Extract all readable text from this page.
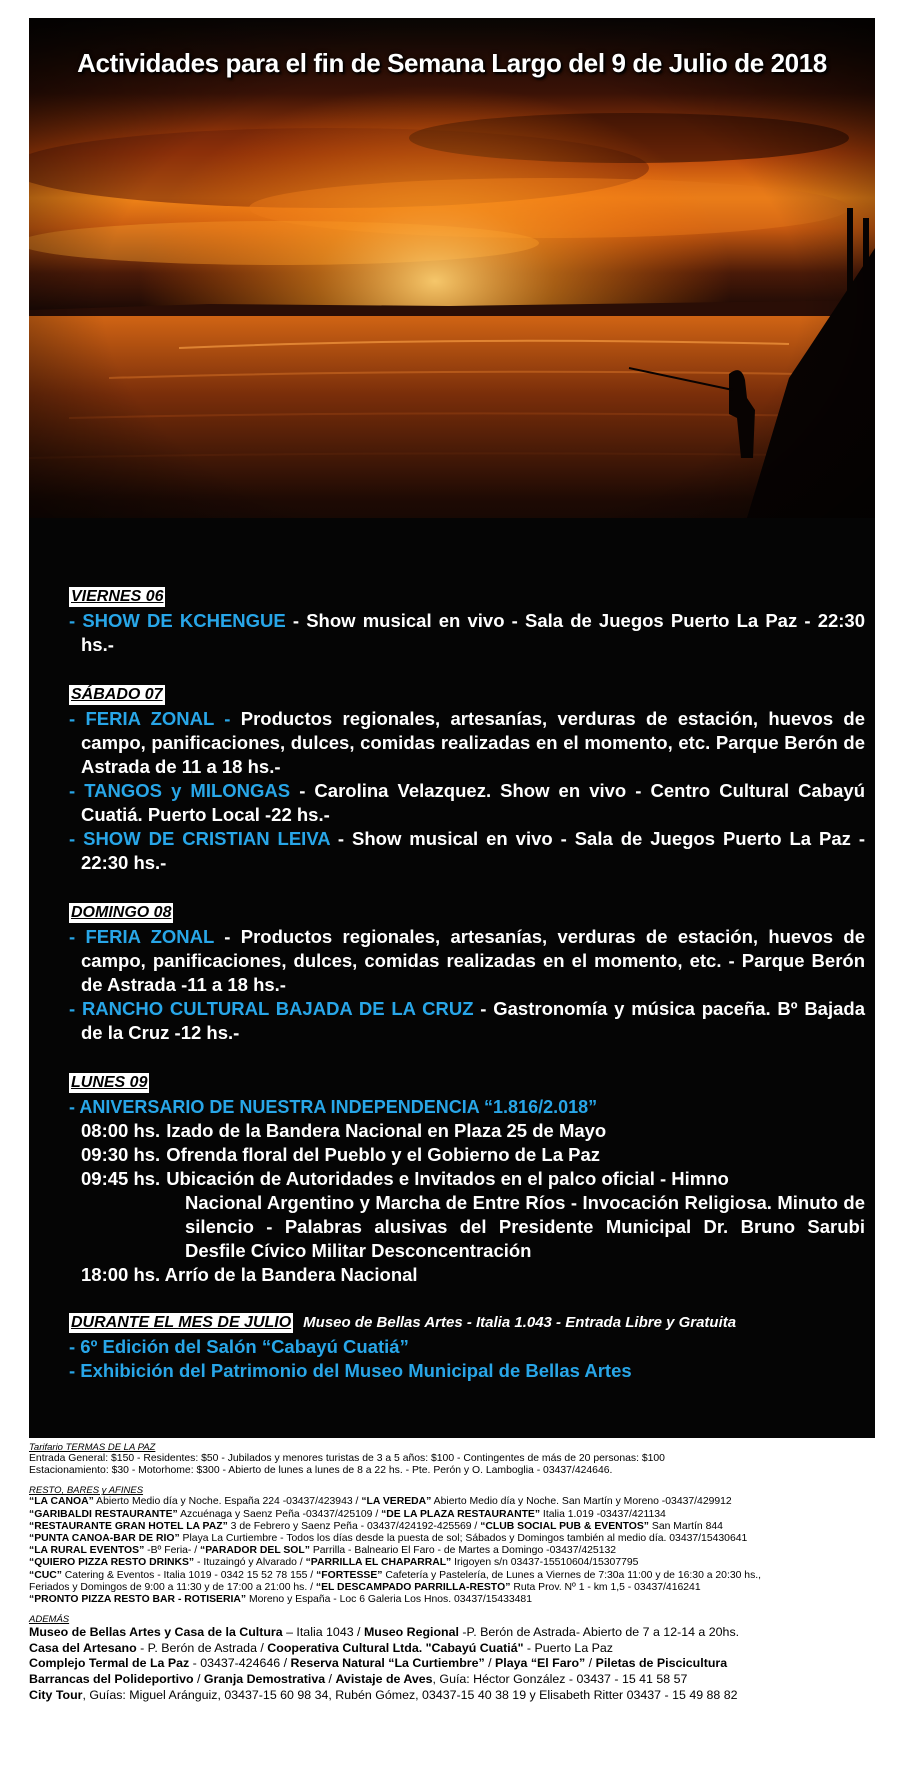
Actividades para el fin de Semana Largo del 9 de Julio de 2018
VIERNES 06
- SHOW DE KCHENGUE - Show musical en vivo - Sala de Juegos Puerto La Paz - 22:30 hs.-
SÁBADO 07
- FERIA ZONAL - Productos regionales, artesanías, verduras de estación, huevos de campo, panificaciones, dulces, comidas realizadas en el momento, etc. Parque Berón de Astrada de 11 a 18 hs.-
- TANGOS y MILONGAS - Carolina Velazquez. Show en vivo - Centro Cultural Cabayú Cuatiá. Puerto Local -22 hs.-
- SHOW DE CRISTIAN LEIVA - Show musical en vivo - Sala de Juegos Puerto La Paz - 22:30 hs.-
DOMINGO 08
- FERIA ZONAL - Productos regionales, artesanías, verduras de estación, huevos de campo, panificaciones, dulces, comidas realizadas en el momento, etc. - Parque Berón de Astrada -11 a 18 hs.-
- RANCHO CULTURAL BAJADA DE LA CRUZ - Gastronomía y música paceña. Bº Bajada de la Cruz -12 hs.-
LUNES 09
- ANIVERSARIO DE NUESTRA INDEPENDENCIA “1.816/2.018”
08:00 hs. Izado de la Bandera Nacional en Plaza 25 de Mayo
09:30 hs. Ofrenda floral del Pueblo y el Gobierno de La Paz
09:45 hs. Ubicación de Autoridades e Invitados en el palco oficial - Himno
Nacional Argentino y Marcha de Entre Ríos - Invocación Religiosa. Minuto de silencio - Palabras alusivas del Presidente Municipal Dr. Bruno Sarubi Desfile Cívico Militar Desconcentración
18:00 hs. Arrío de la Bandera Nacional
DURANTE EL MES DE JULIO Museo de Bellas Artes - Italia 1.043 - Entrada Libre y Gratuita
- 6º Edición del Salón “Cabayú Cuatiá”
- Exhibición del Patrimonio del Museo Municipal de Bellas Artes
Tarifario TERMAS DE LA PAZ
Entrada General: $150 - Residentes: $50 - Jubilados y menores turistas de 3 a 5 años: $100 - Contingentes de más de 20 personas: $100
Estacionamiento: $30 - Motorhome: $300 - Abierto de lunes a lunes de 8 a 22 hs. - Pte. Perón y O. Lamboglia - 03437/424646.
RESTO, BARES y AFINES
“LA CANOA” Abierto Medio día y Noche. España 224 -03437/423943 / “LA VEREDA” Abierto Medio día y Noche. San Martín y Moreno -03437/429912
“GARIBALDI RESTAURANTE” Azcuénaga y Saenz Peña -03437/425109 / “DE LA PLAZA RESTAURANTE” Italia 1.019 -03437/421134
“RESTAURANTE GRAN HOTEL LA PAZ” 3 de Febrero y Saenz Peña - 03437/424192-425569 / “CLUB SOCIAL PUB & EVENTOS” San Martín 844
“PUNTA CANOA-BAR DE RÍO” Playa La Curtiembre - Todos los días desde la puesta de sol; Sábados y Domingos también al medio día. 03437/15430641
“LA RURAL EVENTOS” -Bº Feria- / “PARADOR DEL SOL” Parrilla - Balneario El Faro - de Martes a Domingo -03437/425132
“QUIERO PIZZA RESTO DRINKS” - Ituzaingó y Alvarado / “PARRILLA EL CHAPARRAL” Irigoyen s/n 03437-15510604/15307795
“CUC” Catering & Eventos - Italia 1019 - 0342 15 52 78 155 / “FORTESSE” Cafetería y Pastelería, de Lunes a Viernes de 7:30a 11:00 y de 16:30 a 20:30 hs.,
Feriados y Domingos de 9:00 a 11:30 y de 17:00 a 21:00 hs. / “EL DESCAMPADO PARRILLA-RESTÓ” Ruta Prov. Nº 1 - km 1,5 - 03437/416241
“PRONTO PIZZA RESTÓ BAR - ROTISERIA” Moreno y España - Loc 6 Galeria Los Hnos. 03437/15433481
ADEMÁS
Museo de Bellas Artes y Casa de la Cultura – Italia 1043 / Museo Regional -P. Berón de Astrada- Abierto de 7 a 12-14 a 20hs.
Casa del Artesano - P. Berón de Astrada / Cooperativa Cultural Ltda. "Cabayú Cuatiá" - Puerto La Paz
Complejo Termal de La Paz - 03437-424646 / Reserva Natural “La Curtiembre” / Playa “El Faro” / Piletas de Piscicultura
Barrancas del Polideportivo / Granja Demostrativa / Avistaje de Aves, Guía: Héctor González - 03437 - 15 41 58 57
City Tour, Guías: Miguel Aránguiz, 03437-15 60 98 34, Rubén Gómez, 03437-15 40 38 19 y Elisabeth Ritter 03437 - 15 49 88 82
